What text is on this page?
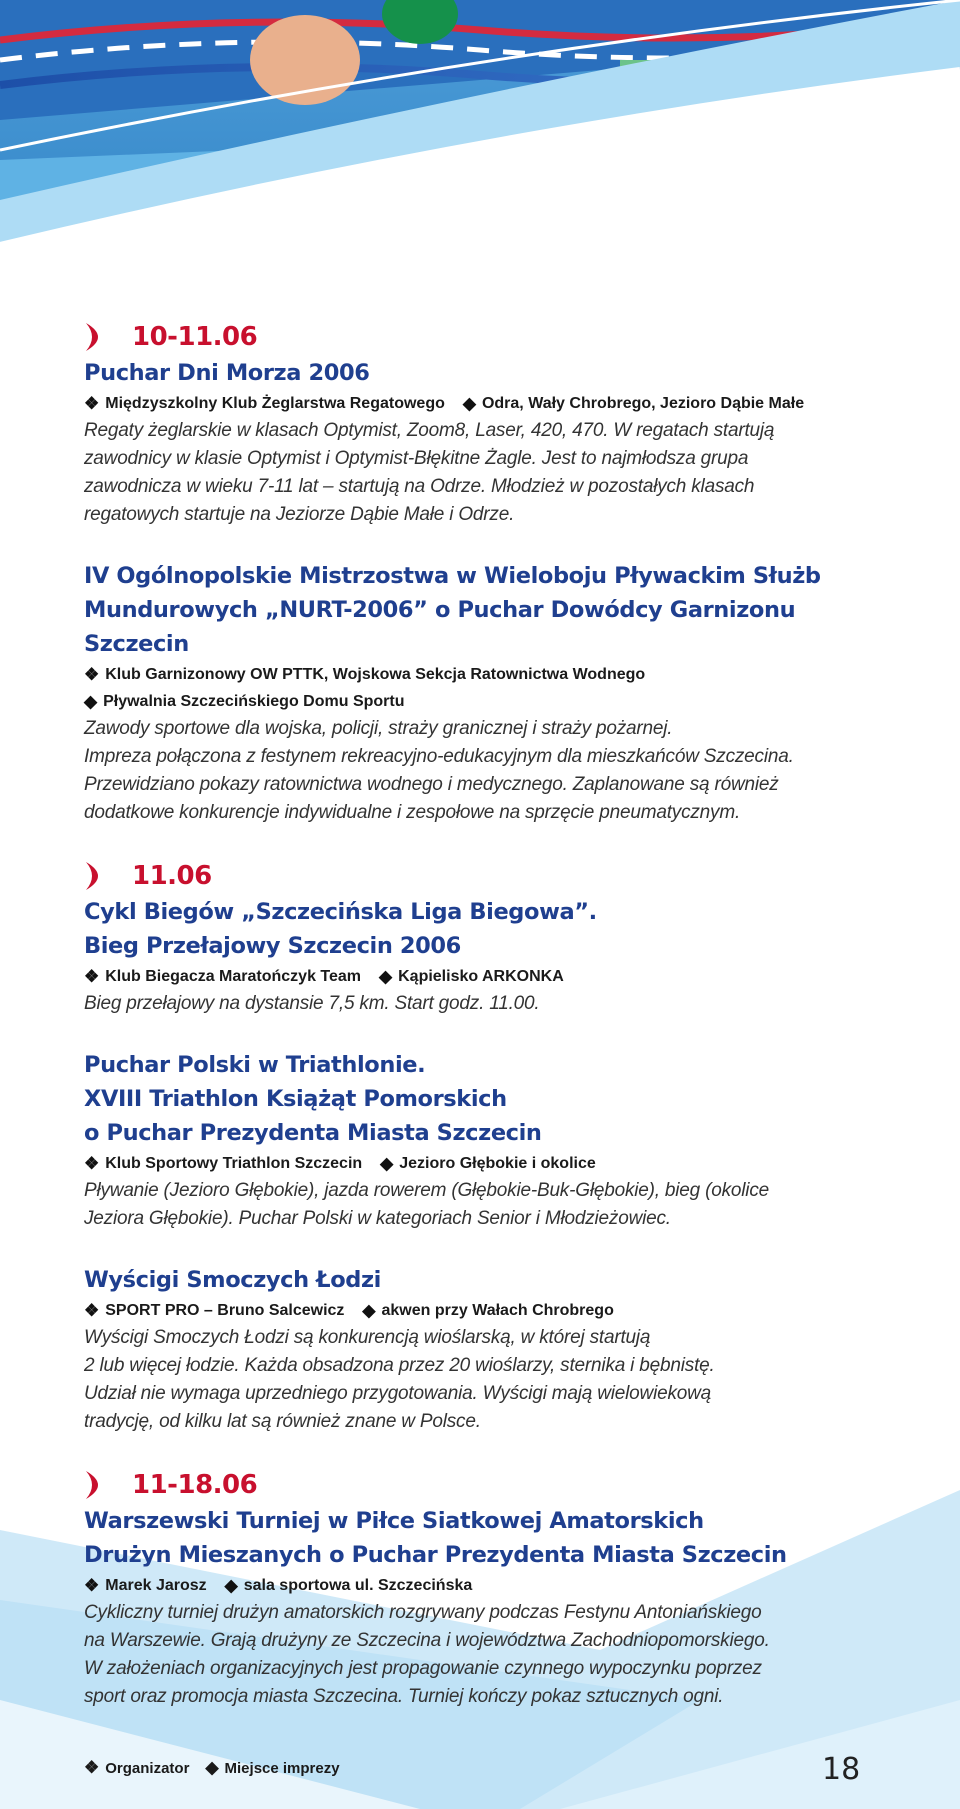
10-11.06
Puchar Dni Morza 2006
❖ Międzyszkolny Klub Żeglarstwa Regatowego ◆ Odra, Wały Chrobrego, Jezioro Dąbie Małe
Regaty żeglarskie w klasach Optymist, Zoom8, Laser, 420, 470. W regatach startują
zawodnicy w klasie Optymist i Optymist-Błękitne Żagle. Jest to najmłodsza grupa
zawodnicza w wieku 7-11 lat – startują na Odrze. Młodzież w pozostałych klasach
regatowych startuje na Jeziorze Dąbie Małe i Odrze.
IV Ogólnopolskie Mistrzostwa w Wieloboju Pływackim Służb
Mundurowych „NURT-2006” o Puchar Dowódcy Garnizonu Szczecin
❖ Klub Garnizonowy OW PTTK, Wojskowa Sekcja Ratownictwa Wodnego
◆ Pływalnia Szczecińskiego Domu Sportu
Zawody sportowe dla wojska, policji, straży granicznej i straży pożarnej.
Impreza połączona z festynem rekreacyjno-edukacyjnym dla mieszkańców Szczecina.
Przewidziano pokazy ratownictwa wodnego i medycznego. Zaplanowane są również
dodatkowe konkurencje indywidualne i zespołowe na sprzęcie pneumatycznym.
11.06
Cykl Biegów „Szczecińska Liga Biegowa”.
Bieg Przełajowy Szczecin 2006
❖ Klub Biegacza Maratończyk Team ◆ Kąpielisko ARKONKA
Bieg przełajowy na dystansie 7,5 km. Start godz. 11.00.
Puchar Polski w Triathlonie.
XVIII Triathlon Książąt Pomorskich
o Puchar Prezydenta Miasta Szczecin
❖ Klub Sportowy Triathlon Szczecin ◆ Jezioro Głębokie i okolice
Pływanie (Jezioro Głębokie), jazda rowerem (Głębokie-Buk-Głębokie), bieg (okolice
Jeziora Głębokie). Puchar Polski w kategoriach Senior i Młodzieżowiec.
Wyścigi Smoczych Łodzi
❖ SPORT PRO – Bruno Salcewicz ◆ akwen przy Wałach Chrobrego
Wyścigi Smoczych Łodzi są konkurencją wioślarską, w której startują
2 lub więcej łodzie. Każda obsadzona przez 20 wioślarzy, sternika i bębnistę.
Udział nie wymaga uprzedniego przygotowania. Wyścigi mają wielowiekową
tradycję, od kilku lat są również znane w Polsce.
11-18.06
Warszewski Turniej w Piłce Siatkowej Amatorskich
Drużyn Mieszanych o Puchar Prezydenta Miasta Szczecin
❖ Marek Jarosz ◆ sala sportowa ul. Szczecińska
Cykliczny turniej drużyn amatorskich rozgrywany podczas Festynu Antoniańskiego
na Warszewie. Grają drużyny ze Szczecina i województwa Zachodniopomorskiego.
W założeniach organizacyjnych jest propagowanie czynnego wypoczynku poprzez
sport oraz promocja miasta Szczecina. Turniej kończy pokaz sztucznych ogni.
❖ Organizator ◆ Miejsce imprezy	18
